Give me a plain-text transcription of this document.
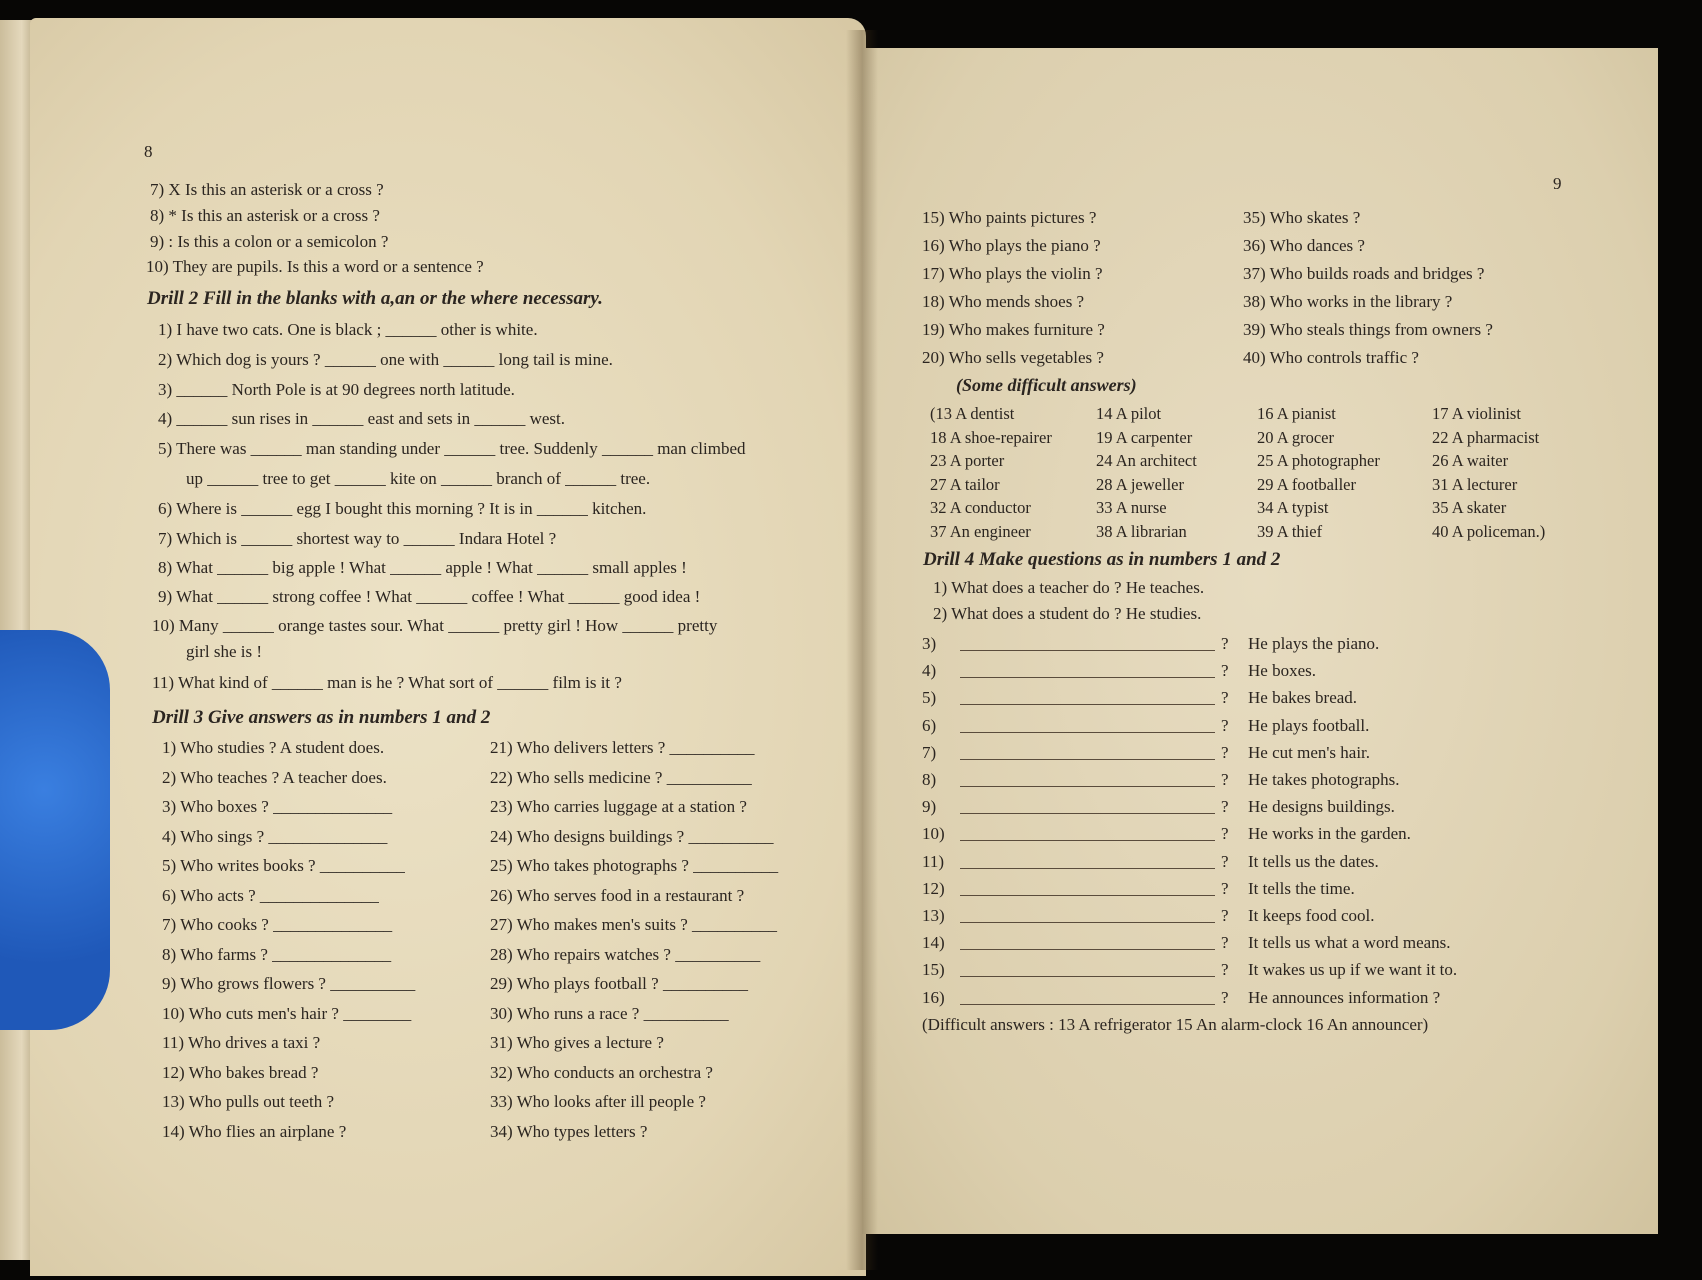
8
7) X Is this an asterisk or a cross ?
8) * Is this an asterisk or a cross ?
9) : Is this a colon or a semicolon ?
10) They are pupils. Is this a word or a sentence ?
Drill 2 Fill in the blanks with a,an or the where necessary.
1) I have two cats. One is black ; ______ other is white.
2) Which dog is yours ? ______ one with ______ long tail is mine.
3) ______ North Pole is at 90 degrees north latitude.
4) ______ sun rises in ______ east and sets in ______ west.
5) There was ______ man standing under ______ tree. Suddenly ______ man climbed
up ______ tree to get ______ kite on ______ branch of ______ tree.
6) Where is ______ egg I bought this morning ? It is in ______ kitchen.
7) Which is ______ shortest way to ______ Indara Hotel ?
8) What ______ big apple ! What ______ apple ! What ______ small apples !
9) What ______ strong coffee ! What ______ coffee ! What ______ good idea !
10) Many ______ orange tastes sour. What ______ pretty girl ! How ______ pretty
girl she is !
11) What kind of ______ man is he ? What sort of ______ film is it ?
Drill 3 Give answers as in numbers 1 and 2
1) Who studies ? A student does.
2) Who teaches ? A teacher does.
3) Who boxes ? ______________
4) Who sings ? ______________
5) Who writes books ? __________
6) Who acts ? ______________
7) Who cooks ? ______________
8) Who farms ? ______________
9) Who grows flowers ? __________
10) Who cuts men's hair ? ________
11) Who drives a taxi ?
12) Who bakes bread ?
13) Who pulls out teeth ?
14) Who flies an airplane ?
21) Who delivers letters ? __________
22) Who sells medicine ? __________
23) Who carries luggage at a station ?
24) Who designs buildings ? __________
25) Who takes photographs ? __________
26) Who serves food in a restaurant ?
27) Who makes men's suits ? __________
28) Who repairs watches ? __________
29) Who plays football ? __________
30) Who runs a race ? __________
31) Who gives a lecture ?
32) Who conducts an orchestra ?
33) Who looks after ill people ?
34) Who types letters ?
9
15) Who paints pictures ?
16) Who plays the piano ?
17) Who plays the violin ?
18) Who mends shoes ?
19) Who makes furniture ?
20) Who sells vegetables ?
35) Who skates ?
36) Who dances ?
37) Who builds roads and bridges ?
38) Who works in the library ?
39) Who steals things from owners ?
40) Who controls traffic ?
(Some difficult answers)
(13 A dentist	14 A pilot	16 A pianist	17 A violinist
18 A shoe-repairer	19 A carpenter	20 A grocer	22 A pharmacist
23 A porter	24 An architect	25 A photographer	26 A waiter
27 A tailor	28 A jeweller	29 A footballer	31 A lecturer
32 A conductor	33 A nurse	34 A typist	35 A skater
37 An engineer	38 A librarian	39 A thief	40 A policeman.)
Drill 4 Make questions as in numbers 1 and 2
1) What does a teacher do ? He teaches.
2) What does a student do ? He studies.
3)	? He plays the piano.
4)	? He boxes.
5)	? He bakes bread.
6)	? He plays football.
7)	? He cut men's hair.
8)	? He takes photographs.
9)	? He designs buildings.
10)	? He works in the garden.
11)	? It tells us the dates.
12)	? It tells the time.
13)	? It keeps food cool.
14)	? It tells us what a word means.
15)	? It wakes us up if we want it to.
16)	? He announces information ?
(Difficult answers : 13 A refrigerator 15 An alarm-clock 16 An announcer)
